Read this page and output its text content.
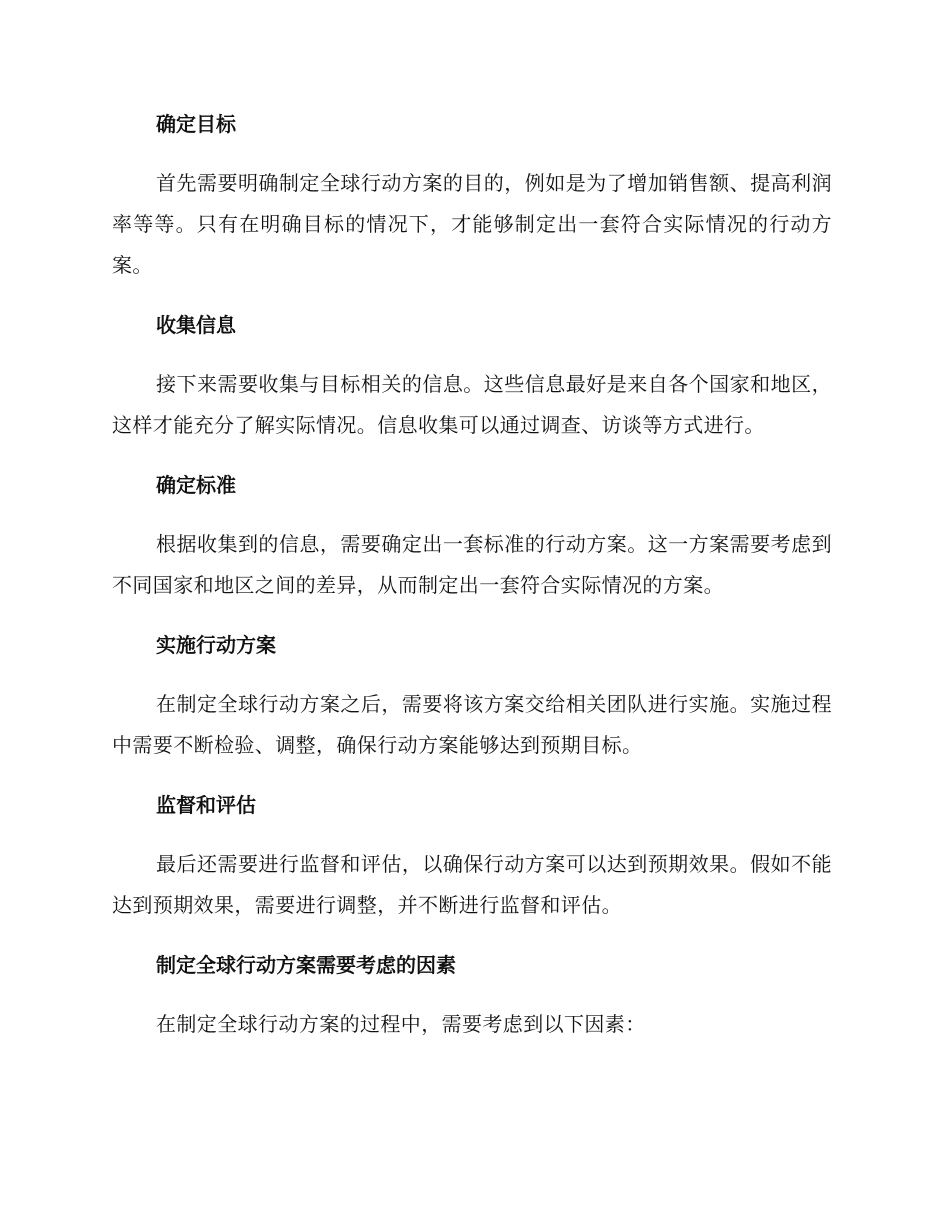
确定目标

首先需要明确制定全球行动方案的目的，例如是为了增加销售额、提高利润率等等。只有在明确目标的情况下，才能够制定出一套符合实际情况的行动方案。

收集信息

接下来需要收集与目标相关的信息。这些信息最好是来自各个国家和地区，这样才能充分了解实际情况。信息收集可以通过调查、访谈等方式进行。

确定标准

根据收集到的信息，需要确定出一套标准的行动方案。这一方案需要考虑到不同国家和地区之间的差异，从而制定出一套符合实际情况的方案。

实施行动方案

在制定全球行动方案之后，需要将该方案交给相关团队进行实施。实施过程中需要不断检验、调整，确保行动方案能够达到预期目标。

监督和评估

最后还需要进行监督和评估，以确保行动方案可以达到预期效果。假如不能达到预期效果，需要进行调整，并不断进行监督和评估。

制定全球行动方案需要考虑的因素

在制定全球行动方案的过程中，需要考虑到以下因素：
